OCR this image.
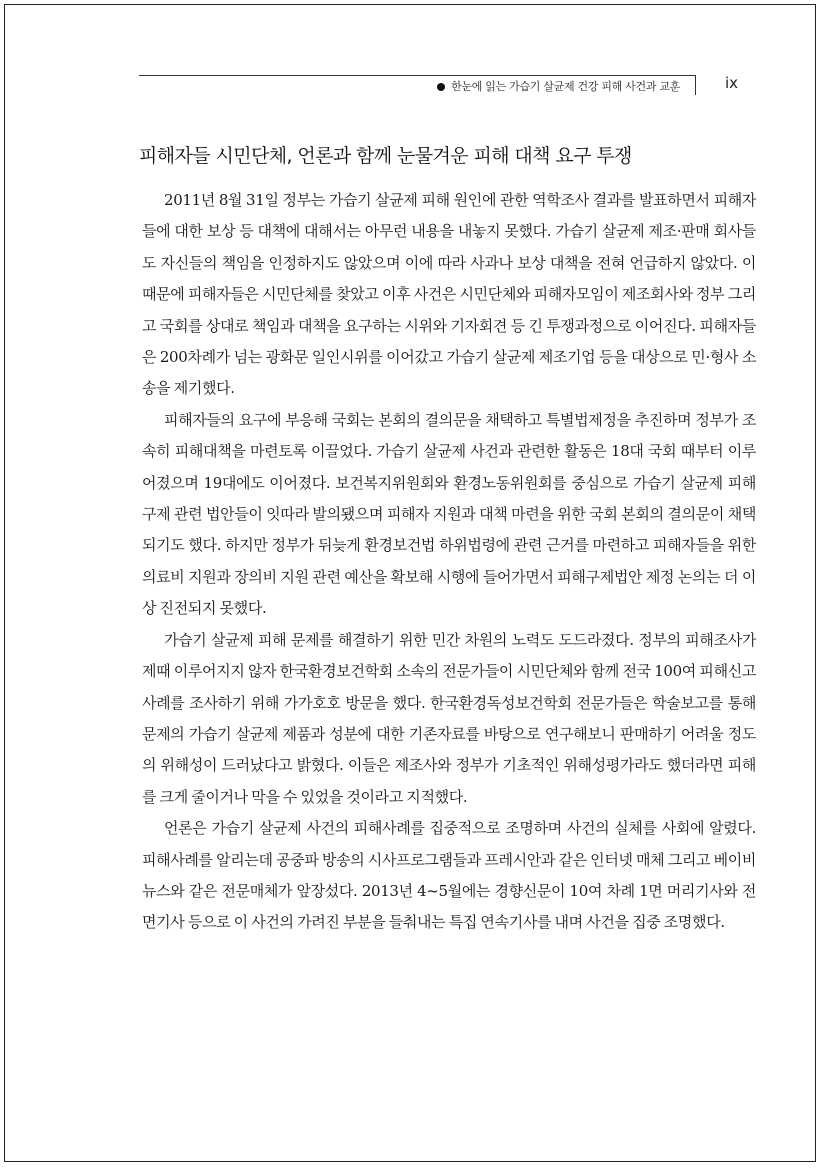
한눈에 읽는 가습기 살균제 건강 피해 사건과 교훈	ix
피해자들 시민단체, 언론과 함께 눈물겨운 피해 대책 요구 투쟁

2011년 8월 31일 정부는 가습기 살균제 피해 원인에 관한 역학조사 결과를 발표하면서 피해자들에 대한 보상 등 대책에 대해서는 아무런 내용을 내놓지 못했다. 가습기 살균제 제조·판매 회사들도 자신들의 책임을 인정하지도 않았으며 이에 따라 사과나 보상 대책을 전혀 언급하지 않았다. 이 때문에 피해자들은 시민단체를 찾았고 이후 사건은 시민단체와 피해자모임이 제조회사와 정부 그리고 국회를 상대로 책임과 대책을 요구하는 시위와 기자회견 등 긴 투쟁과정으로 이어진다. 피해자들은 200차례가 넘는 광화문 일인시위를 이어갔고 가습기 살균제 제조기업 등을 대상으로 민·형사 소송을 제기했다.

피해자들의 요구에 부응해 국회는 본회의 결의문을 채택하고 특별법제정을 추진하며 정부가 조속히 피해대책을 마련토록 이끌었다. 가습기 살균제 사건과 관련한 활동은 18대 국회 때부터 이루어졌으며 19대에도 이어졌다. 보건복지위원회와 환경노동위원회를 중심으로 가습기 살균제 피해 구제 관련 법안들이 잇따라 발의됐으며 피해자 지원과 대책 마련을 위한 국회 본회의 결의문이 채택되기도 했다. 하지만 정부가 뒤늦게 환경보건법 하위법령에 관련 근거를 마련하고 피해자들을 위한 의료비 지원과 장의비 지원 관련 예산을 확보해 시행에 들어가면서 피해구제법안 제정 논의는 더 이상 진전되지 못했다.

가습기 살균제 피해 문제를 해결하기 위한 민간 차원의 노력도 도드라졌다. 정부의 피해조사가 제때 이루어지지 않자 한국환경보건학회 소속의 전문가들이 시민단체와 함께 전국 100여 피해신고 사례를 조사하기 위해 가가호호 방문을 했다. 한국환경독성보건학회 전문가들은 학술보고를 통해 문제의 가습기 살균제 제품과 성분에 대한 기존자료를 바탕으로 연구해보니 판매하기 어려울 정도의 위해성이 드러났다고 밝혔다. 이들은 제조사와 정부가 기초적인 위해성평가라도 했더라면 피해를 크게 줄이거나 막을 수 있었을 것이라고 지적했다.

언론은 가습기 살균제 사건의 피해사례를 집중적으로 조명하며 사건의 실체를 사회에 알렸다. 피해사례를 알리는데 공중파 방송의 시사프로그램들과 프레시안과 같은 인터넷 매체 그리고 베이비뉴스와 같은 전문매체가 앞장섰다. 2013년 4~5월에는 경향신문이 10여 차례 1면 머리기사와 전면기사 등으로 이 사건의 가려진 부분을 들춰내는 특집 연속기사를 내며 사건을 집중 조명했다.
